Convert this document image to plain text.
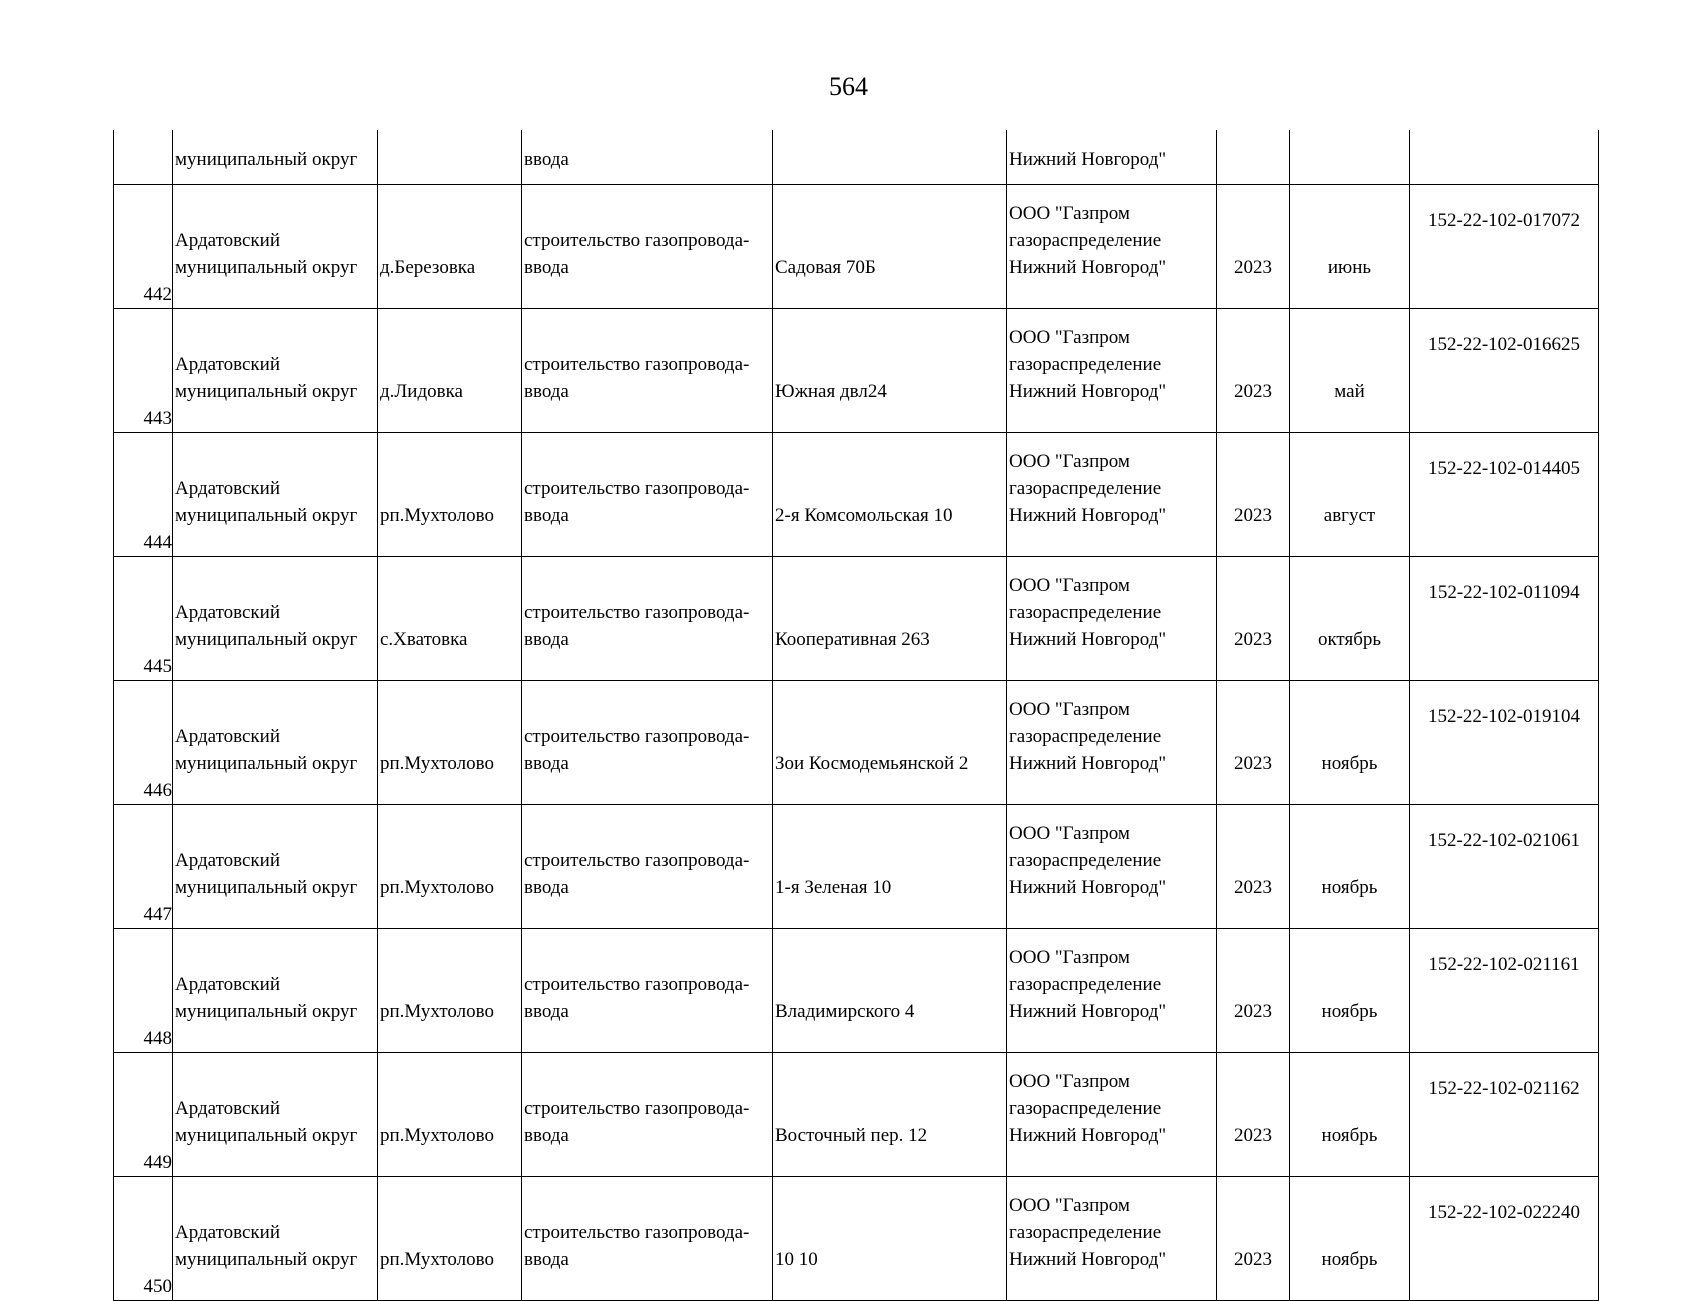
564
	муниципальный округ		ввода		Нижний Новгород"			
442	Ардатовский
муниципальный округ	д.Березовка	строительство газопровода-
ввода	Садовая 70Б	ООО "Газпром
газораспределение
Нижний Новгород"	2023	июнь	152-22-102-017072
443	Ардатовский
муниципальный округ	д.Лидовка	строительство газопровода-
ввода	Южная двл24	ООО "Газпром
газораспределение
Нижний Новгород"	2023	май	152-22-102-016625
444	Ардатовский
муниципальный округ	рп.Мухтолово	строительство газопровода-
ввода	2-я Комсомольская 10	ООО "Газпром
газораспределение
Нижний Новгород"	2023	август	152-22-102-014405
445	Ардатовский
муниципальный округ	с.Хватовка	строительство газопровода-
ввода	Кооперативная 263	ООО "Газпром
газораспределение
Нижний Новгород"	2023	октябрь	152-22-102-011094
446	Ардатовский
муниципальный округ	рп.Мухтолово	строительство газопровода-
ввода	Зои Космодемьянской 2	ООО "Газпром
газораспределение
Нижний Новгород"	2023	ноябрь	152-22-102-019104
447	Ардатовский
муниципальный округ	рп.Мухтолово	строительство газопровода-
ввода	1-я Зеленая 10	ООО "Газпром
газораспределение
Нижний Новгород"	2023	ноябрь	152-22-102-021061
448	Ардатовский
муниципальный округ	рп.Мухтолово	строительство газопровода-
ввода	Владимирского 4	ООО "Газпром
газораспределение
Нижний Новгород"	2023	ноябрь	152-22-102-021161
449	Ардатовский
муниципальный округ	рп.Мухтолово	строительство газопровода-
ввода	Восточный пер. 12	ООО "Газпром
газораспределение
Нижний Новгород"	2023	ноябрь	152-22-102-021162
450	Ардатовский
муниципальный округ	рп.Мухтолово	строительство газопровода-
ввода	10 10	ООО "Газпром
газораспределение
Нижний Новгород"	2023	ноябрь	152-22-102-022240
